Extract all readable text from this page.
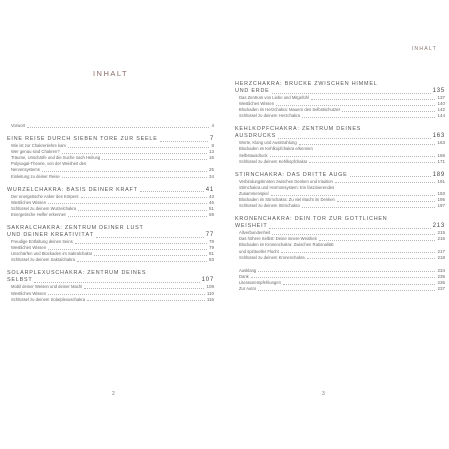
INHALT
INHALT
Vorwort	4
EINE REISE DURCH SIEBEN TORE ZUR SEELE	7
Wie ist zur Chakrenlehre kam	8
Wer genau sind Chakren?	13
Träume, Unschärfe und die Suche nach Heilung	16
Polyvagal-Theorie, von der Weisheit des
Nervensystems	25
Einleitung zu deiner Reise	34
WURZELCHAKRA: BASIS DEINER KRAFT	41
Der energetische Anker des Körpers	43
Westliches Wissen	46
Schlüssel zu deinem Wurzelchakra	51
Energetische Helfer erkennen	59
SAKRALCHAKRA: ZENTRUM DEINER LUST
UND DEINER KREATIVITÄT	77
Freudige Entfaltung deines Seins	79
Westliches Wissen	79
Unschärfen und Blockaden im Sakralchakra	81
Schlüssel zu deinem Sakralchakra	83
SOLARPLEXUSCHAKRA: ZENTRUM DEINES
SELBST	107
Mobil deiner Weisen und deiner Macht	109
Westliches Wissen	110
Schlüssel zu deinem Solarplexuschakra	116
HERZCHAKRA: BRÜCKE ZWISCHEN HIMMEL
UND ERDE	135
Das Zentrum von Liebe und Mitgefühl	137
Westliches Wissen	140
Blockaden im Herzchakra: Mauern des Selbstschutzes	142
Schlüssel zu deinem Herzchakra	144
KEHLKOPFCHAKRA: ZENTRUM DEINES
AUSDRUCKS	163
Worte, Klang und Ausstrahlung	163
Blockaden im Kehlkopfchakra erkennen
Selbstausdruck	168
Schlüssel zu deinem Kehlkopfchakra	171
STIRNCHAKRA: DAS DRITTE AUGE	189
Verbindungsknoten zwischen Denken und Intuition	191
Stirnchakra und Hormonsystem: Ein faszinierendes
Zusammenspiel	193
Blockaden im Stirnchakra: Zu viel Macht im Denken	195
Schlüssel zu deinem Stirnchakra	197
KRONENCHAKRA: DEIN TOR ZUR GÖTTLICHEN
WEISHEIT	213
Allverbundenheit	215
Das höhere Selbst: Deine innere Weisheit	216
Blockaden im Kronenchakra: Zwischen Rationalität
und spiritueller Flucht	217
Schlüssel zu deinem Kronenchakra	218
Ausklang	234
Dank	235
Literaturempfehlungen	236
Zur Autor	237
2	3
